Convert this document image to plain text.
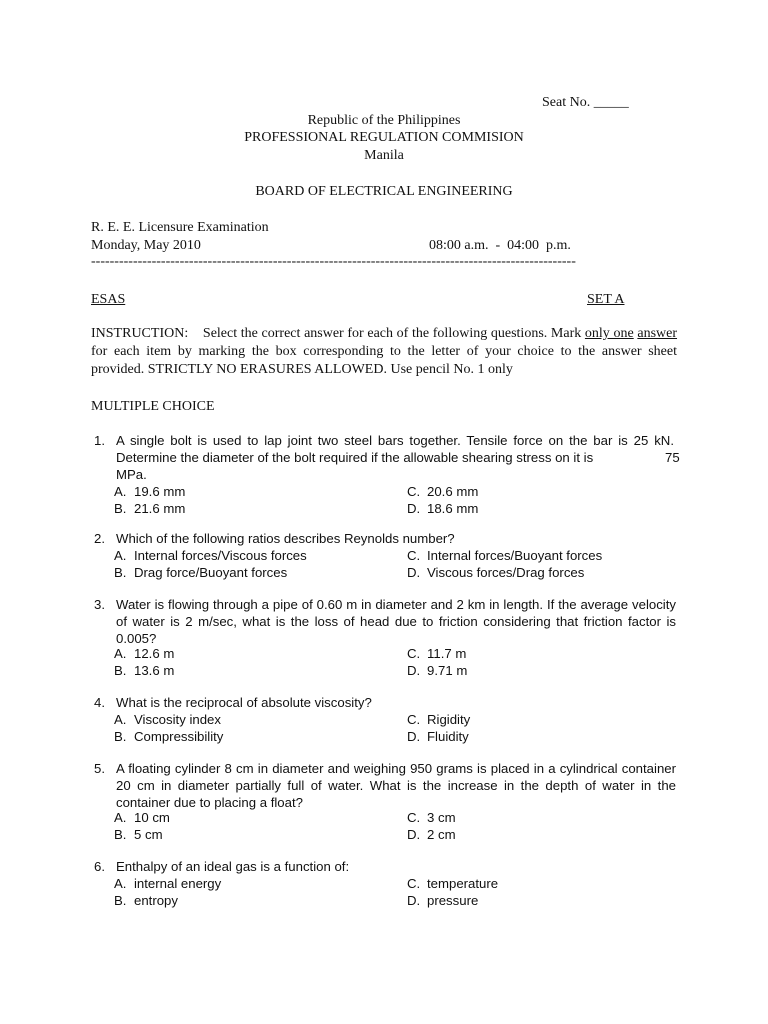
Seat No. _____
Republic of the Philippines
PROFESSIONAL REGULATION COMMISION
Manila
BOARD OF ELECTRICAL ENGINEERING
R. E. E. Licensure Examination
Monday, May 2010	08:00 a.m.  -  04:00  p.m.
--------------------------------------------------------------------------------------------------------
ESAS	SET A
INSTRUCTION: Select the correct answer for each of the following questions. Mark only one answer for each item by marking the box corresponding to the letter of your choice to the answer sheet provided. STRICTLY NO ERASURES ALLOWED. Use pencil No. 1 only
MULTIPLE CHOICE
1. A single bolt is used to lap joint two steel bars together. Tensile force on the bar is 25 kN. Determine the diameter of the bolt required if the allowable shearing stress on it is	75
MPa.
A. 19.6 mm
B. 21.6 mm
C. 20.6 mm
D. 18.6 mm
2. Which of the following ratios describes Reynolds number?
A. Internal forces/Viscous forces
B. Drag force/Buoyant forces
C. Internal forces/Buoyant forces
D. Viscous forces/Drag forces
3. Water is flowing through a pipe of 0.60 m in diameter and 2 km in length. If the average velocity of water is 2 m/sec, what is the loss of head due to friction considering that friction factor is 0.005?
A. 12.6 m
B. 13.6 m
C. 11.7 m
D. 9.71 m
4. What is the reciprocal of absolute viscosity?
A. Viscosity index
B. Compressibility
C. Rigidity
D. Fluidity
5. A floating cylinder 8 cm in diameter and weighing 950 grams is placed in a cylindrical container 20 cm in diameter partially full of water. What is the increase in the depth of water in the container due to placing a float?
A. 10 cm
B. 5 cm
C. 3 cm
D. 2 cm
6. Enthalpy of an ideal gas is a function of:
A. internal energy
B. entropy
C. temperature
D. pressure
